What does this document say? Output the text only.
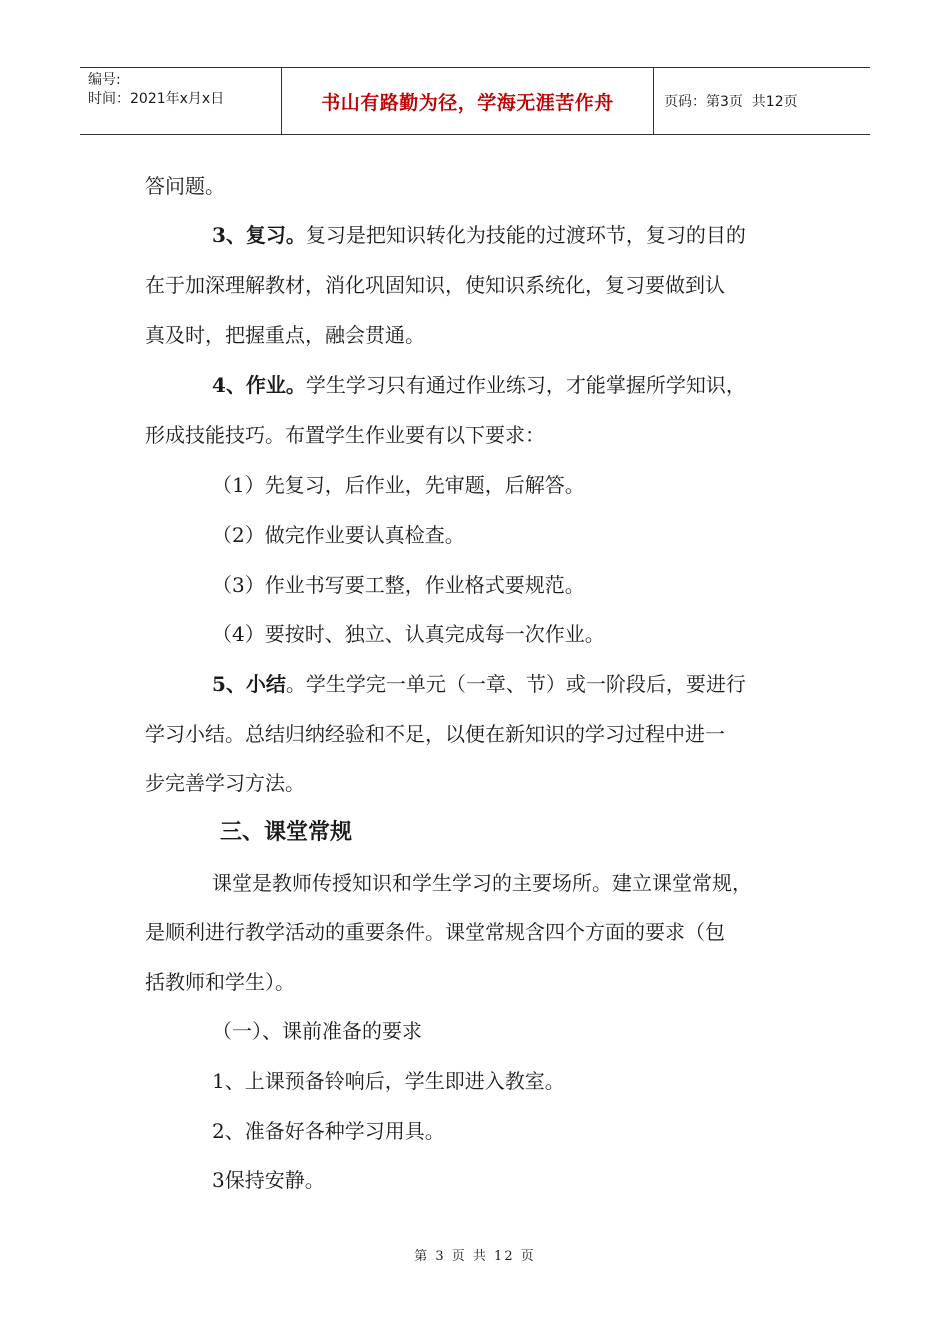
编号:
时间：2021年x月x日	书山有路勤为径，学海无涯苦作舟	页码：第3页  共12页
答问题。
3、复习。复习是把知识转化为技能的过渡环节，复习的目的
在于加深理解教材，消化巩固知识，使知识系统化，复习要做到认
真及时，把握重点，融会贯通。
4、作业。学生学习只有通过作业练习，才能掌握所学知识，
形成技能技巧。布置学生作业要有以下要求：
（1）先复习，后作业，先审题，后解答。
（2）做完作业要认真检查。
（3）作业书写要工整，作业格式要规范。
（4）要按时、独立、认真完成每一次作业。
5、小结。学生学完一单元（一章、节）或一阶段后，要进行
学习小结。总结归纳经验和不足，以便在新知识的学习过程中进一
步完善学习方法。
三、课堂常规
课堂是教师传授知识和学生学习的主要场所。建立课堂常规，
是顺利进行教学活动的重要条件。课堂常规含四个方面的要求（包
括教师和学生）。
（一）、课前准备的要求
1、上课预备铃响后，学生即进入教室。
2、准备好各种学习用具。
3保持安静。
第 3 页 共 12 页
